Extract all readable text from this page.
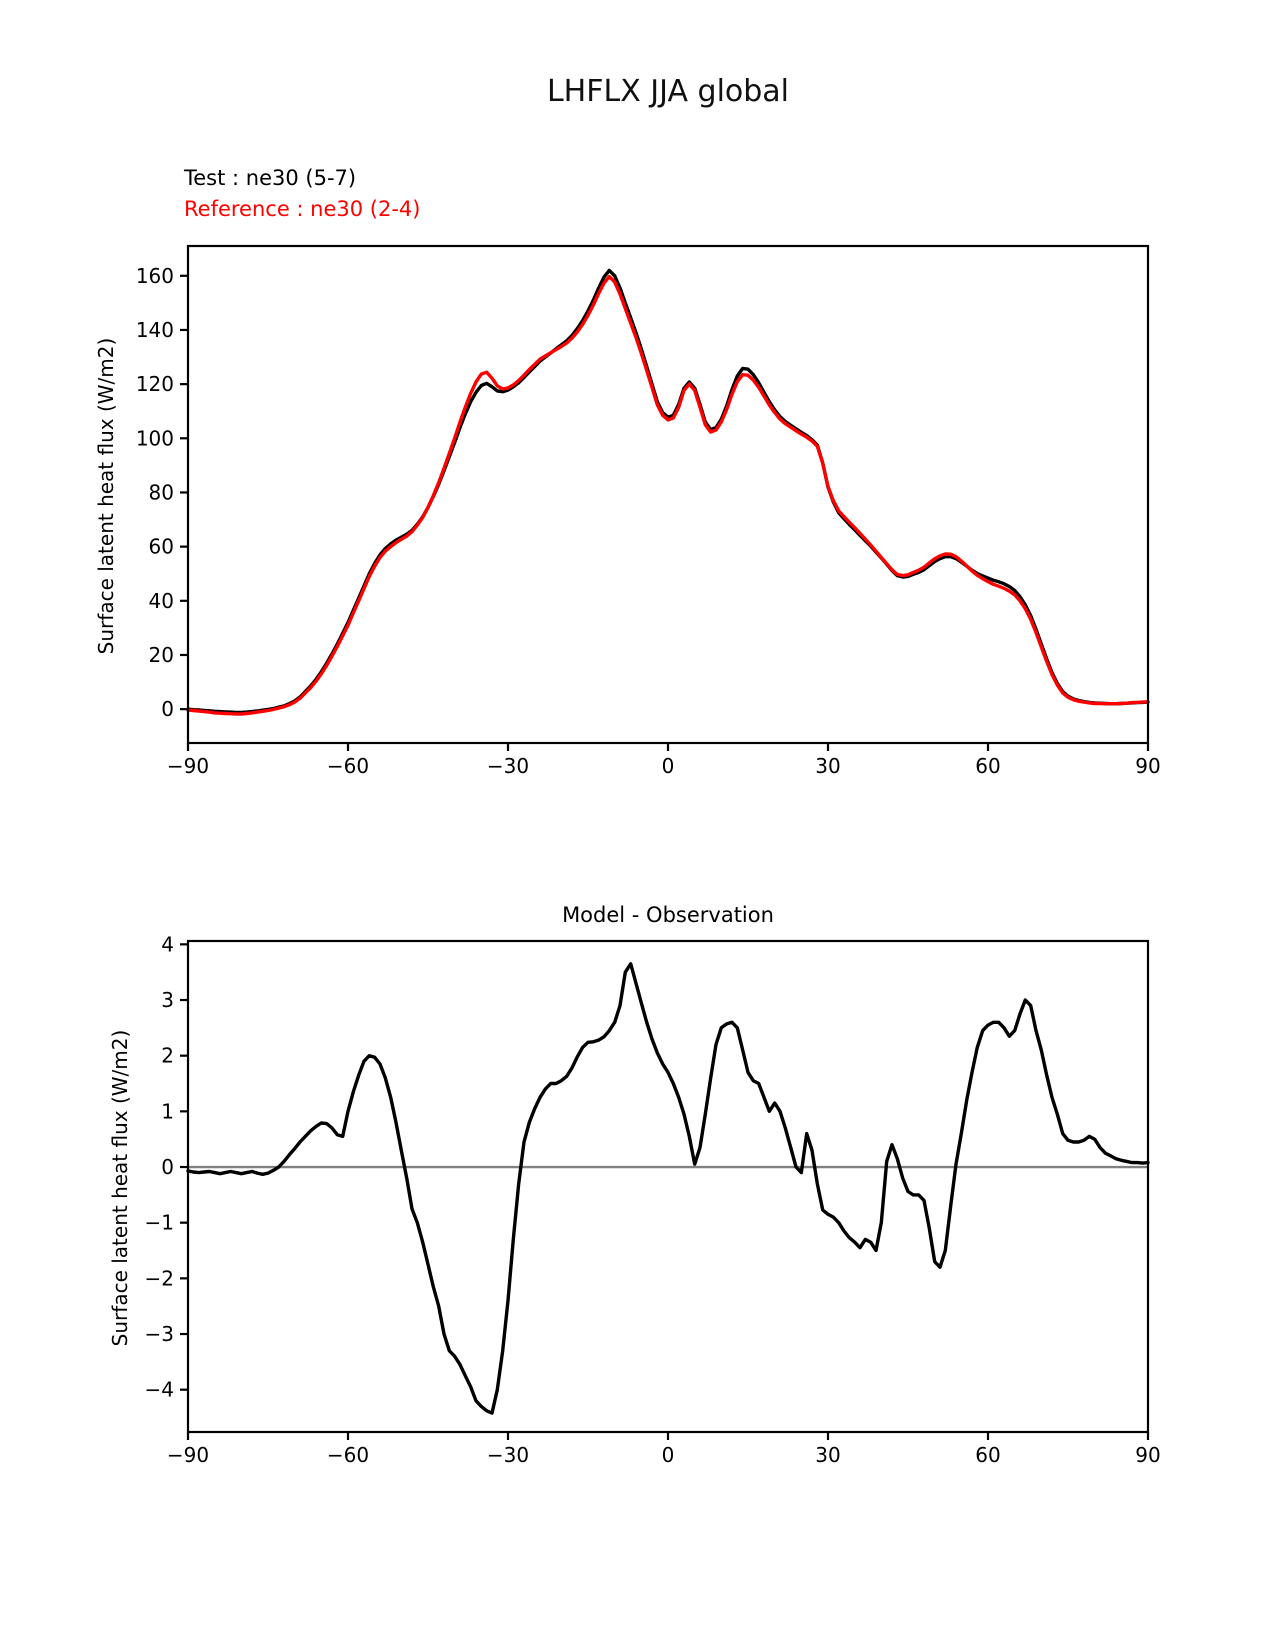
LHFLX JJA global
Test : ne30 (5-7)
Reference : ne30 (2-4)
Surface latent heat flux (W/m2)
Surface latent heat flux (W/m2)
Model - Observation
−90	−60	−30	0	30	60	90
0
20
40
60
80
100
120
140
160
−90	−60	−30	0	30	60	90
−4
−3
−2
−1
0
1
2
3
4
